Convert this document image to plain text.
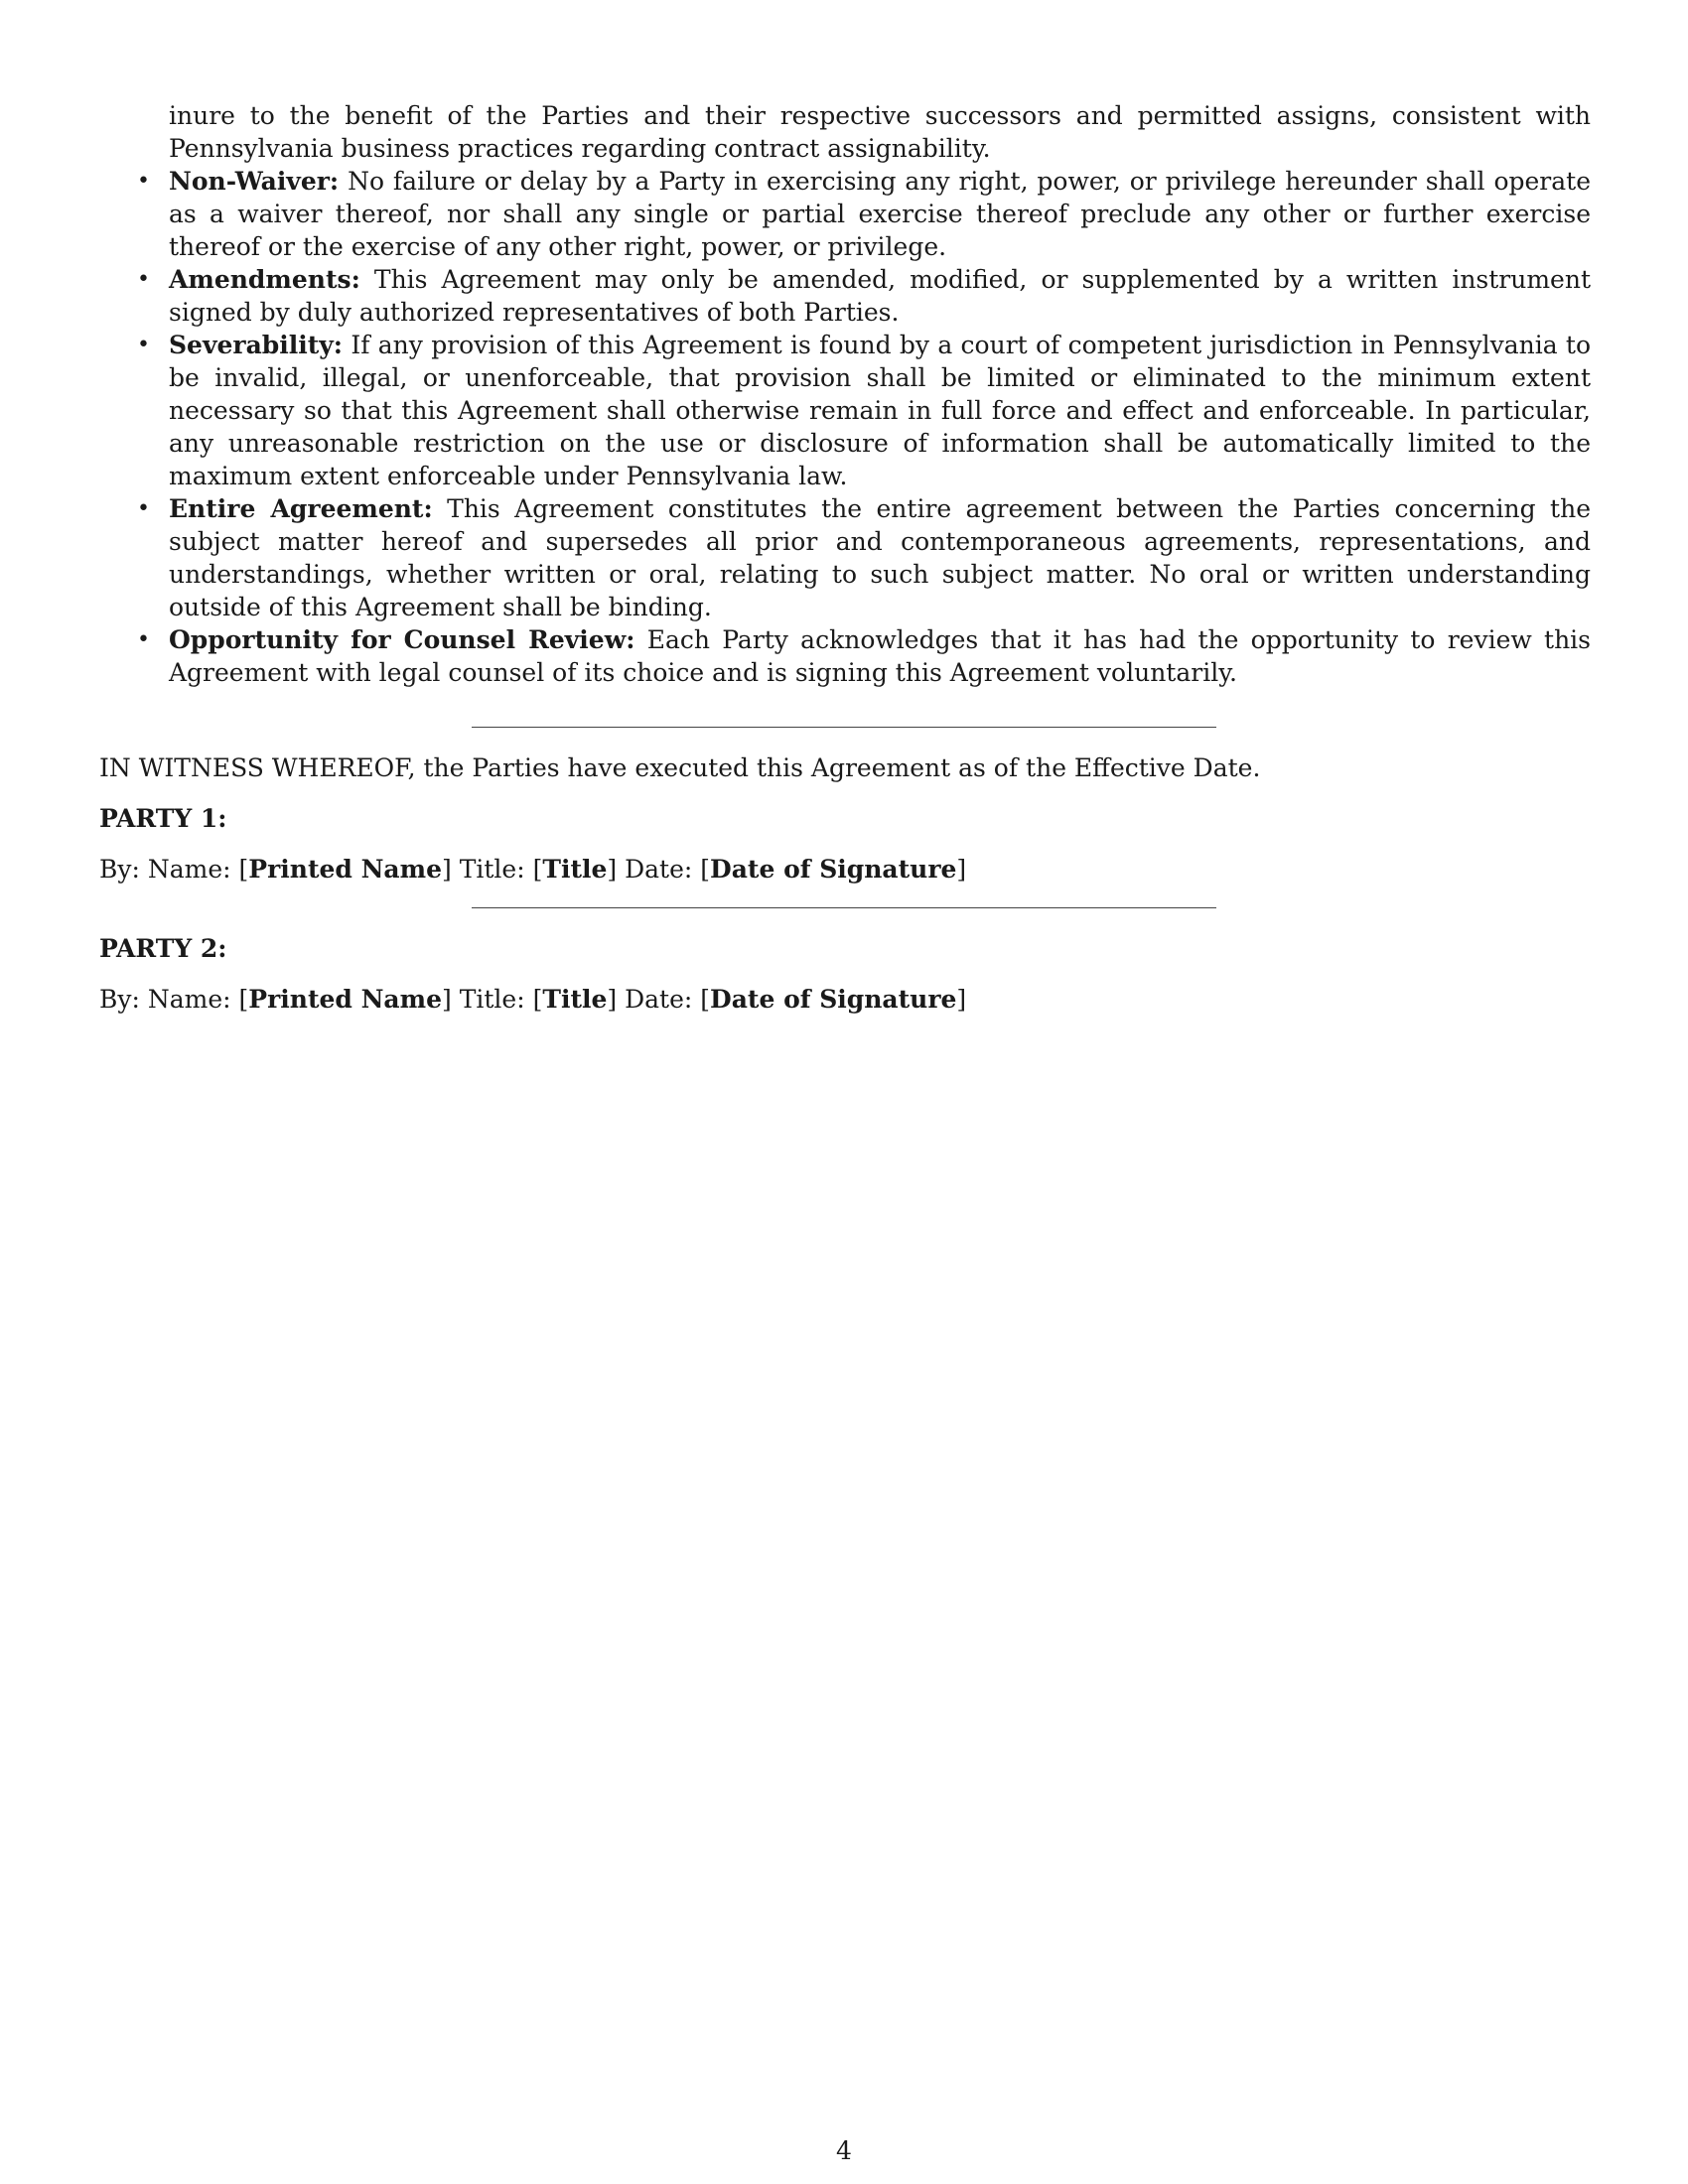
inure to the benefit of the Parties and their respective successors and permitted assigns, consistent with Pennsylvania business practices regarding contract assignability.
• Non-Waiver: No failure or delay by a Party in exercising any right, power, or privilege hereunder shall operate as a waiver thereof, nor shall any single or partial exercise thereof preclude any other or further exercise thereof or the exercise of any other right, power, or privilege.
• Amendments: This Agreement may only be amended, modified, or supplemented by a written instrument signed by duly authorized representatives of both Parties.
• Severability: If any provision of this Agreement is found by a court of competent jurisdiction in Pennsylvania to be invalid, illegal, or unenforceable, that provision shall be limited or eliminated to the minimum extent necessary so that this Agreement shall otherwise remain in full force and effect and enforceable. In particular, any unreasonable restriction on the use or disclosure of information shall be automatically limited to the maximum extent enforceable under Pennsylvania law.
• Entire Agreement: This Agreement constitutes the entire agreement between the Parties concerning the subject matter hereof and supersedes all prior and contemporaneous agreements, representations, and understandings, whether written or oral, relating to such subject matter. No oral or written understanding outside of this Agreement shall be binding.
• Opportunity for Counsel Review: Each Party acknowledges that it has had the opportunity to review this Agreement with legal counsel of its choice and is signing this Agreement voluntarily.
IN WITNESS WHEREOF, the Parties have executed this Agreement as of the Effective Date.
PARTY 1:
By: Name: [Printed Name] Title: [Title] Date: [Date of Signature]
PARTY 2:
By: Name: [Printed Name] Title: [Title] Date: [Date of Signature]
4
